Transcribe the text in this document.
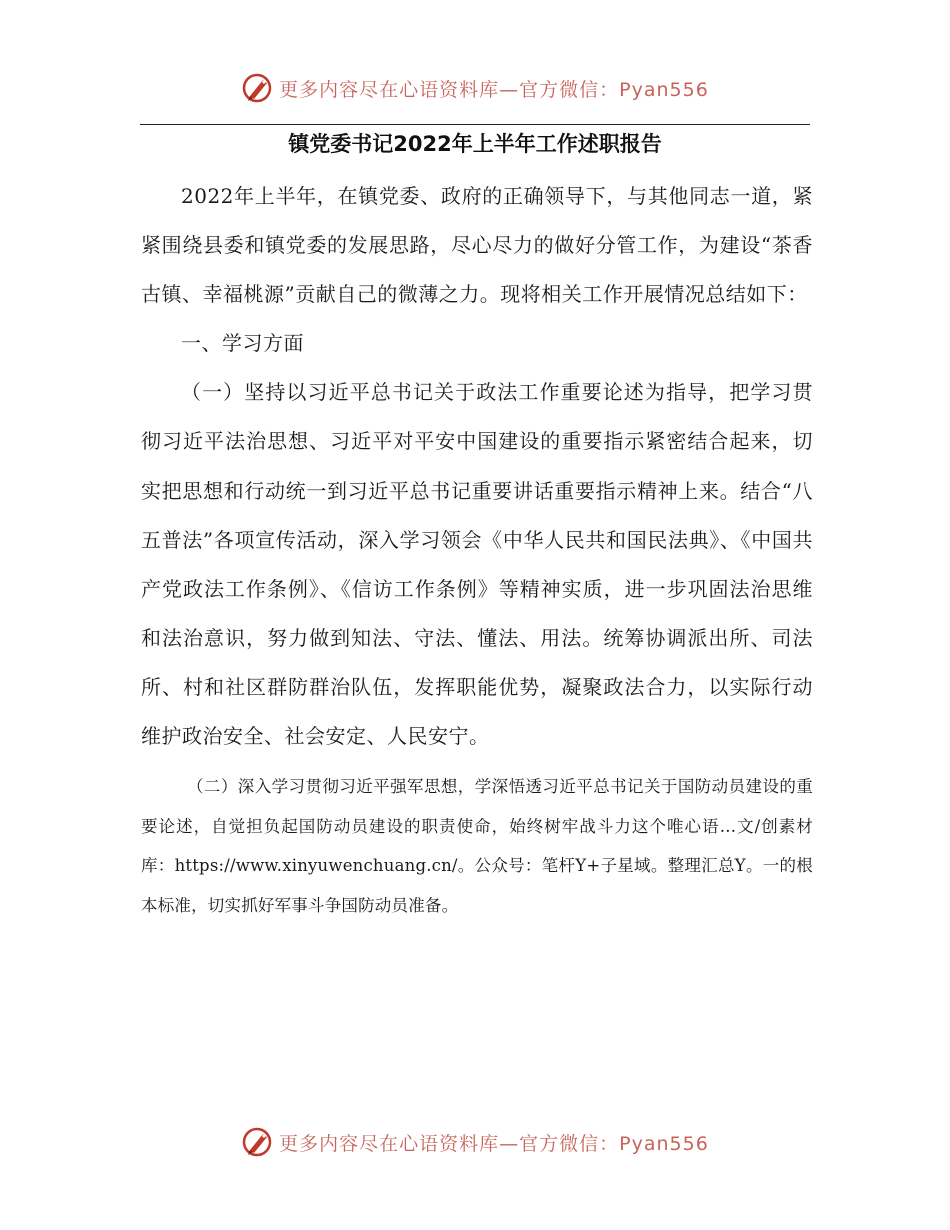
更多内容尽在心语资料库—官方微信：Pyan556
镇党委书记2022年上半年工作述职报告

2022年上半年，在镇党委、政府的正确领导下，与其他同志一道，紧紧围绕县委和镇党委的发展思路，尽心尽力的做好分管工作，为建设“茶香古镇、幸福桃源”贡献自己的微薄之力。现将相关工作开展情况总结如下：

一、学习方面

（一）坚持以习近平总书记关于政法工作重要论述为指导，把学习贯彻习近平法治思想、习近平对平安中国建设的重要指示紧密结合起来，切实把思想和行动统一到习近平总书记重要讲话重要指示精神上来。结合“八五普法”各项宣传活动，深入学习领会《中华人民共和国民法典》、《中国共产党政法工作条例》、《信访工作条例》等精神实质，进一步巩固法治思维和法治意识，努力做到知法、守法、懂法、用法。统筹协调派出所、司法所、村和社区群防群治队伍，发挥职能优势，凝聚政法合力，以实际行动维护政治安全、社会安定、人民安宁。

（二）深入学习贯彻习近平强军思想，学深悟透习近平总书记关于国防动员建设的重要论述，自觉担负起国防动员建设的职责使命，始终树牢战斗力这个唯心语…文/创素材库：https://www.xinyuwenchuang.cn/。公众号：笔杆Y+子星域。整理汇总Y。一的根本标准，切实抓好军事斗争国防动员准备。

更多内容尽在心语资料库—官方微信：Pyan556
